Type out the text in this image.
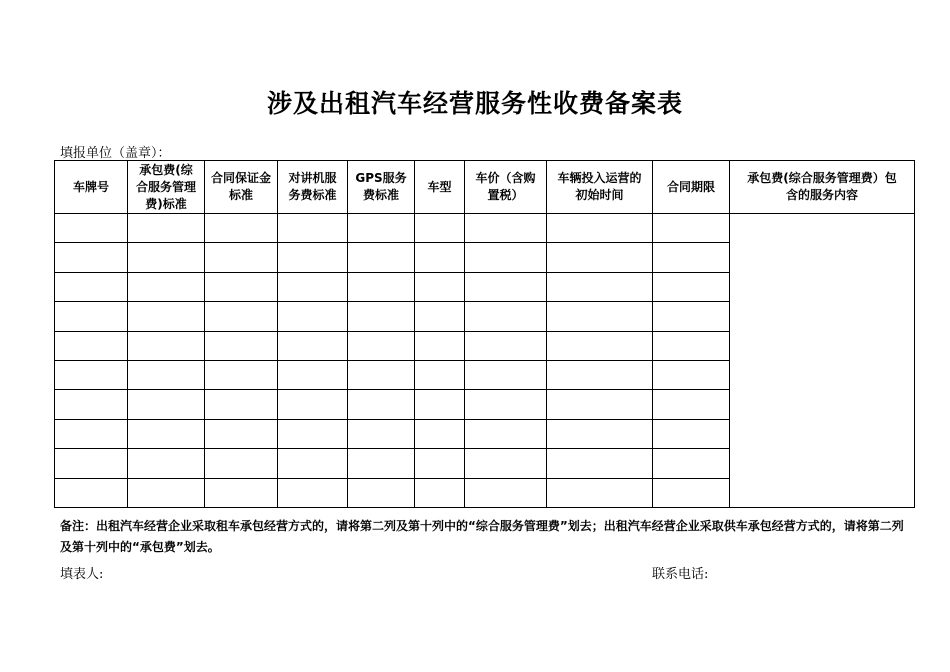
涉及出租汽车经营服务性收费备案表
填报单位（盖章）：
车牌号	承包费(综合服务管理费)标准	合同保证金标准	对讲机服务费标准	GPS服务费标准	车型	车价（含购置税）	车辆投入运营的初始时间	合同期限	承包费(综合服务管理费）包含的服务内容

备注：出租汽车经营企业采取租车承包经营方式的，请将第二列及第十列中的“综合服务管理费”划去；出租汽车经营企业采取供车承包经营方式的，请将第二列及第十列中的“承包费”划去。
填表人:	联系电话:
